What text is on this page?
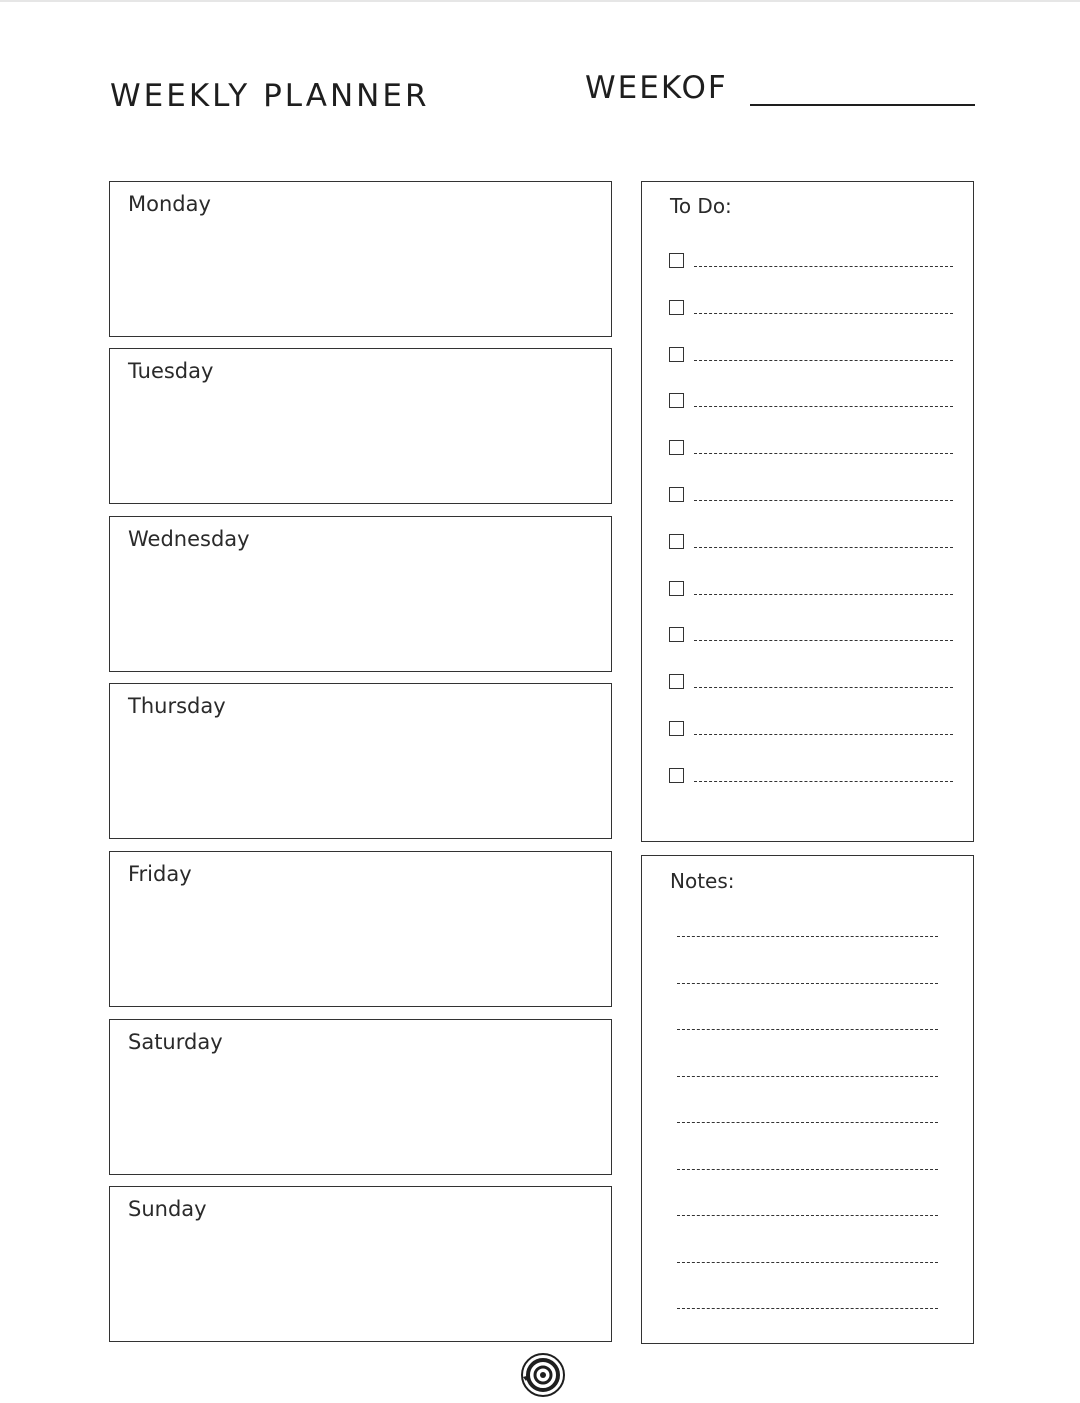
WEEKLY PLANNER	WEEKOF
Monday
Tuesday
Wednesday
Thursday
Friday
Saturday
Sunday
To Do:
Notes:
